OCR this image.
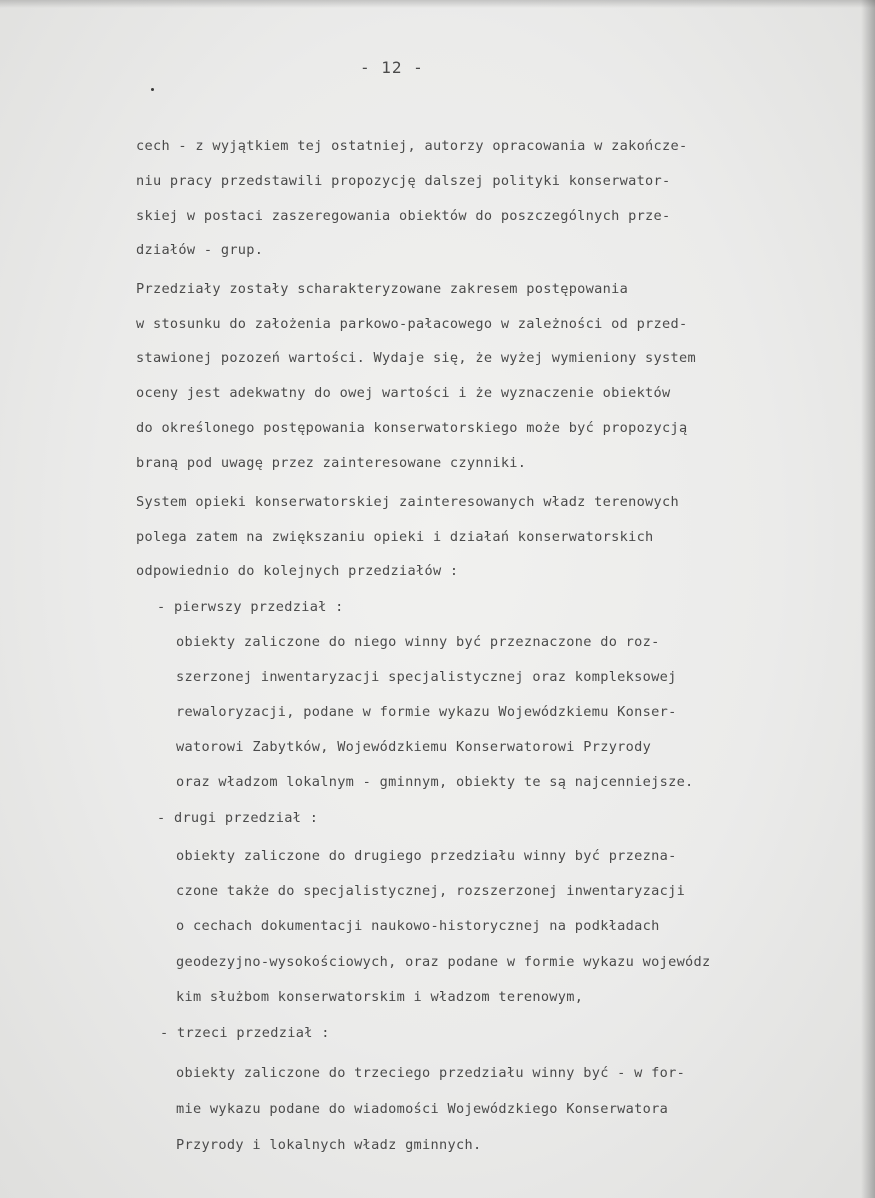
- 12 -
cech - z wyjątkiem tej ostatniej, autorzy opracowania w zakończe-
niu pracy przedstawili propozycję dalszej polityki konserwator-
skiej w postaci zaszeregowania obiektów do poszczególnych prze-
działów - grup.
Przedziały zostały scharakteryzowane zakresem postępowania
w stosunku do założenia parkowo-pałacowego w zależności od przed-
stawionej pozozeń wartości. Wydaje się, że wyżej wymieniony system
oceny jest adekwatny do owej wartości i że wyznaczenie obiektów
do określonego postępowania konserwatorskiego może być propozycją
braną pod uwagę przez zainteresowane czynniki.
System opieki konserwatorskiej zainteresowanych władz terenowych
polega zatem na zwiększaniu opieki i działań konserwatorskich
odpowiednio do kolejnych przedziałów :
- pierwszy przedział :
obiekty zaliczone do niego winny być przeznaczone do roz-
szerzonej inwentaryzacji specjalistycznej oraz kompleksowej
rewaloryzacji, podane w formie wykazu Wojewódzkiemu Konser-
watorowi Zabytków, Wojewódzkiemu Konserwatorowi Przyrody
oraz władzom lokalnym - gminnym, obiekty te są najcenniejsze.
- drugi przedział :
obiekty zaliczone do drugiego przedziału winny być przezna-
czone także do specjalistycznej, rozszerzonej inwentaryzacji
o cechach dokumentacji naukowo-historycznej na podkładach
geodezyjno-wysokościowych, oraz podane w formie wykazu wojewódz
kim służbom konserwatorskim i władzom terenowym,
- trzeci przedział :
obiekty zaliczone do trzeciego przedziału winny być - w for-
mie wykazu podane do wiadomości Wojewódzkiego Konserwatora
Przyrody i lokalnych władz gminnych.
